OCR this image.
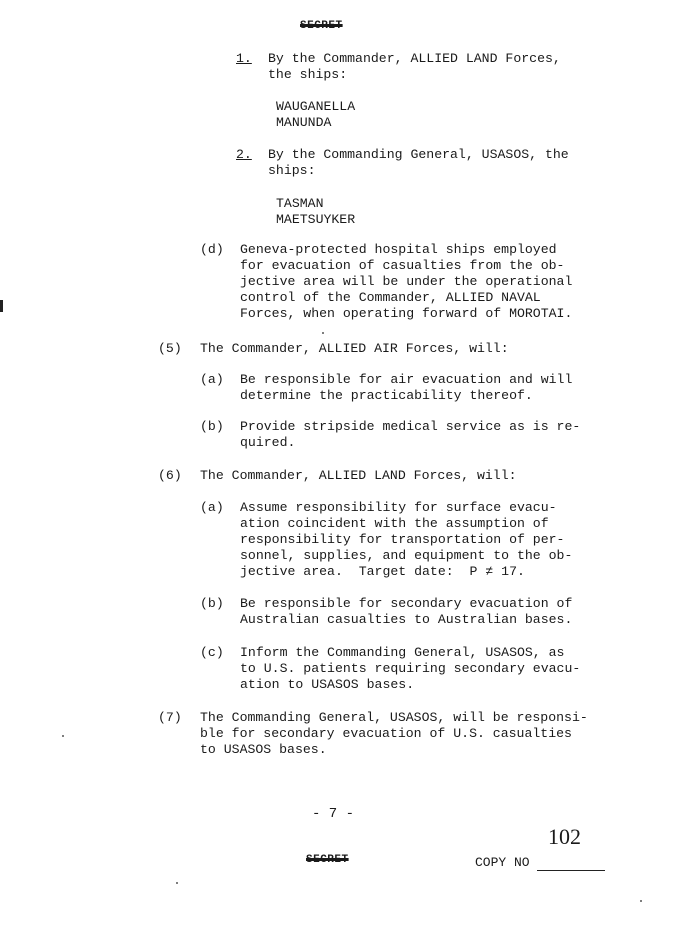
SECRET
1. By the Commander, ALLIED LAND Forces,
the ships:
WAUGANELLA
MANUNDA
2. By the Commanding General, USASOS, the
ships:
TASMAN
MAETSUYKER
(d) Geneva-protected hospital ships employed
for evacuation of casualties from the ob-
jective area will be under the operational
control of the Commander, ALLIED NAVAL
Forces, when operating forward of MOROTAI.
(5) The Commander, ALLIED AIR Forces, will:
(a) Be responsible for air evacuation and will
determine the practicability thereof.
(b) Provide stripside medical service as is re-
quired.
(6) The Commander, ALLIED LAND Forces, will:
(a) Assume responsibility for surface evacu-
ation coincident with the assumption of
responsibility for transportation of per-
sonnel, supplies, and equipment to the ob-
jective area.  Target date:  P ≠ 17.
(b) Be responsible for secondary evacuation of
Australian casualties to Australian bases.
(c) Inform the Commanding General, USASOS, as
to U.S. patients requiring secondary evacu-
ation to USASOS bases.
(7) The Commanding General, USASOS, will be responsi-
ble for secondary evacuation of U.S. casualties
to USASOS bases.
- 7 -
102
SECRET	COPY NO
